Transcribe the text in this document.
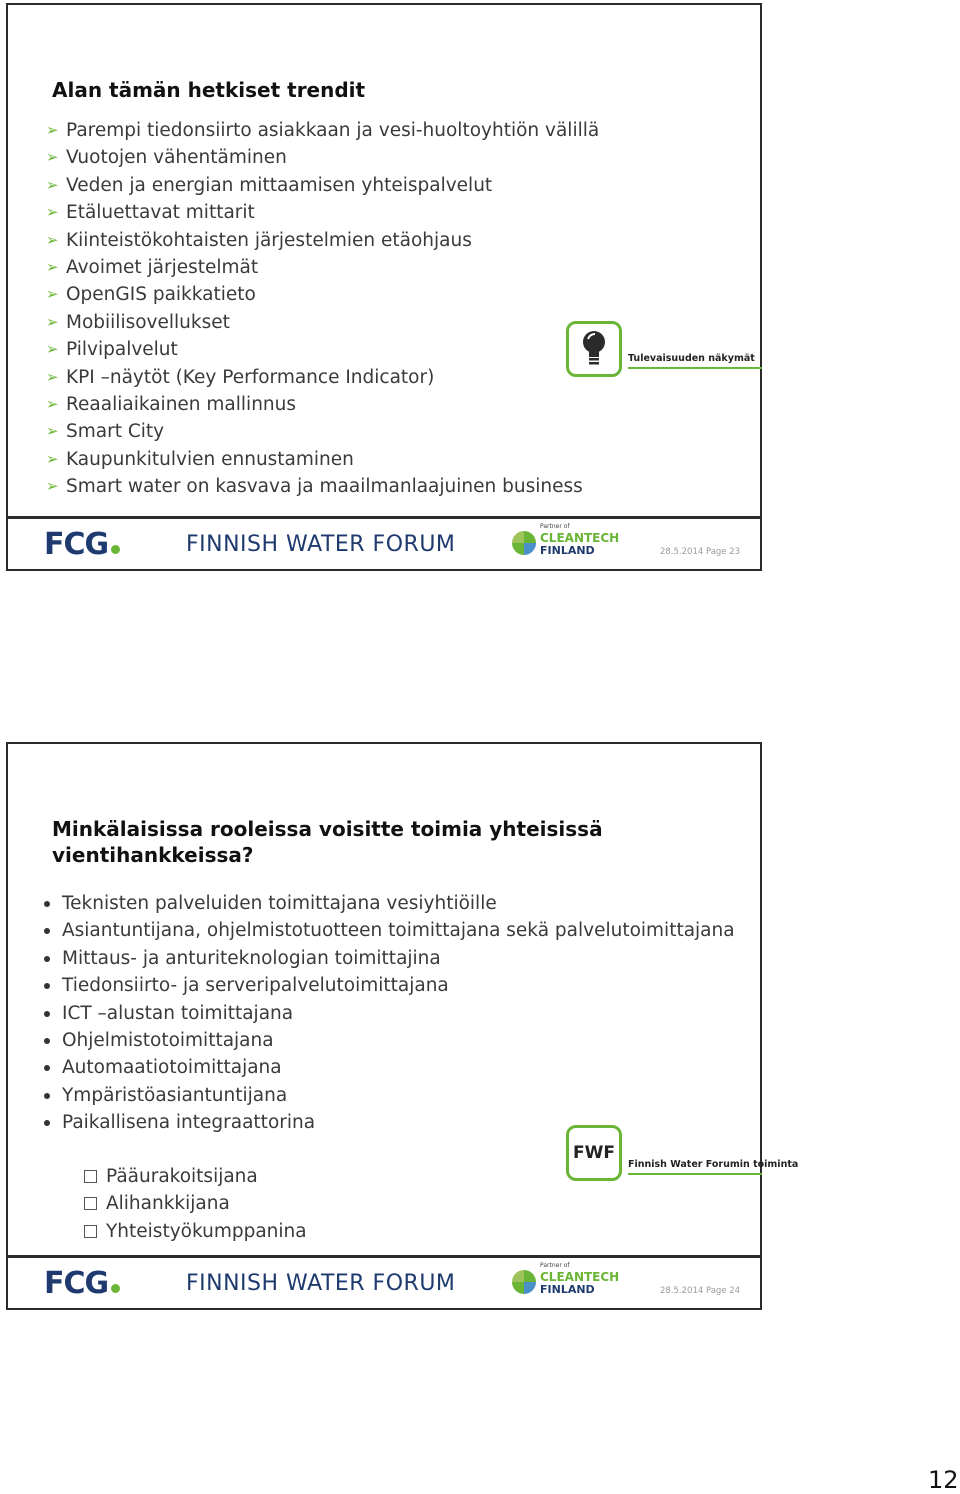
Alan tämän hetkiset trendit
➢ Parempi tiedonsiirto asiakkaan ja vesi-huoltoyhtiön välillä
➢ Vuotojen vähentäminen
➢ Veden ja energian mittaamisen yhteispalvelut
➢ Etäluettavat mittarit
➢ Kiinteistökohtaisten järjestelmien etäohjaus
➢ Avoimet järjestelmät
➢ OpenGIS paikkatieto
➢ Mobiilisovellukset
➢ Pilvipalvelut
➢ KPI –näytöt (Key Performance Indicator)
➢ Reaaliaikainen mallinnus
➢ Smart City
➢ Kaupunkitulvien ennustaminen
➢ Smart water on kasvava ja maailmanlaajuinen business
Tulevaisuuden näkymät
FCG	FINNISH WATER FORUM
Partner of
CLEANTECH
FINLAND	28.5.2014 Page 23
Minkälaisissa rooleissa voisitte toimia yhteisissä vientihankkeissa?
Teknisten palveluiden toimittajana vesiyhtiöille
Asiantuntijana, ohjelmistotuotteen toimittajana sekä palvelutoimittajana
Mittaus- ja anturiteknologian toimittajina
Tiedonsiirto- ja serveripalvelutoimittajana
ICT –alustan toimittajana
Ohjelmistotoimittajana
Automaatiotoimittajana
Ympäristöasiantuntijana
Paikallisena integraattorina
Pääurakoitsijana
Alihankkijana
Yhteistyökumppanina
FWF
Finnish Water Forumin toiminta
FCG	FINNISH WATER FORUM
Partner of
CLEANTECH
FINLAND	28.5.2014 Page 24
12
